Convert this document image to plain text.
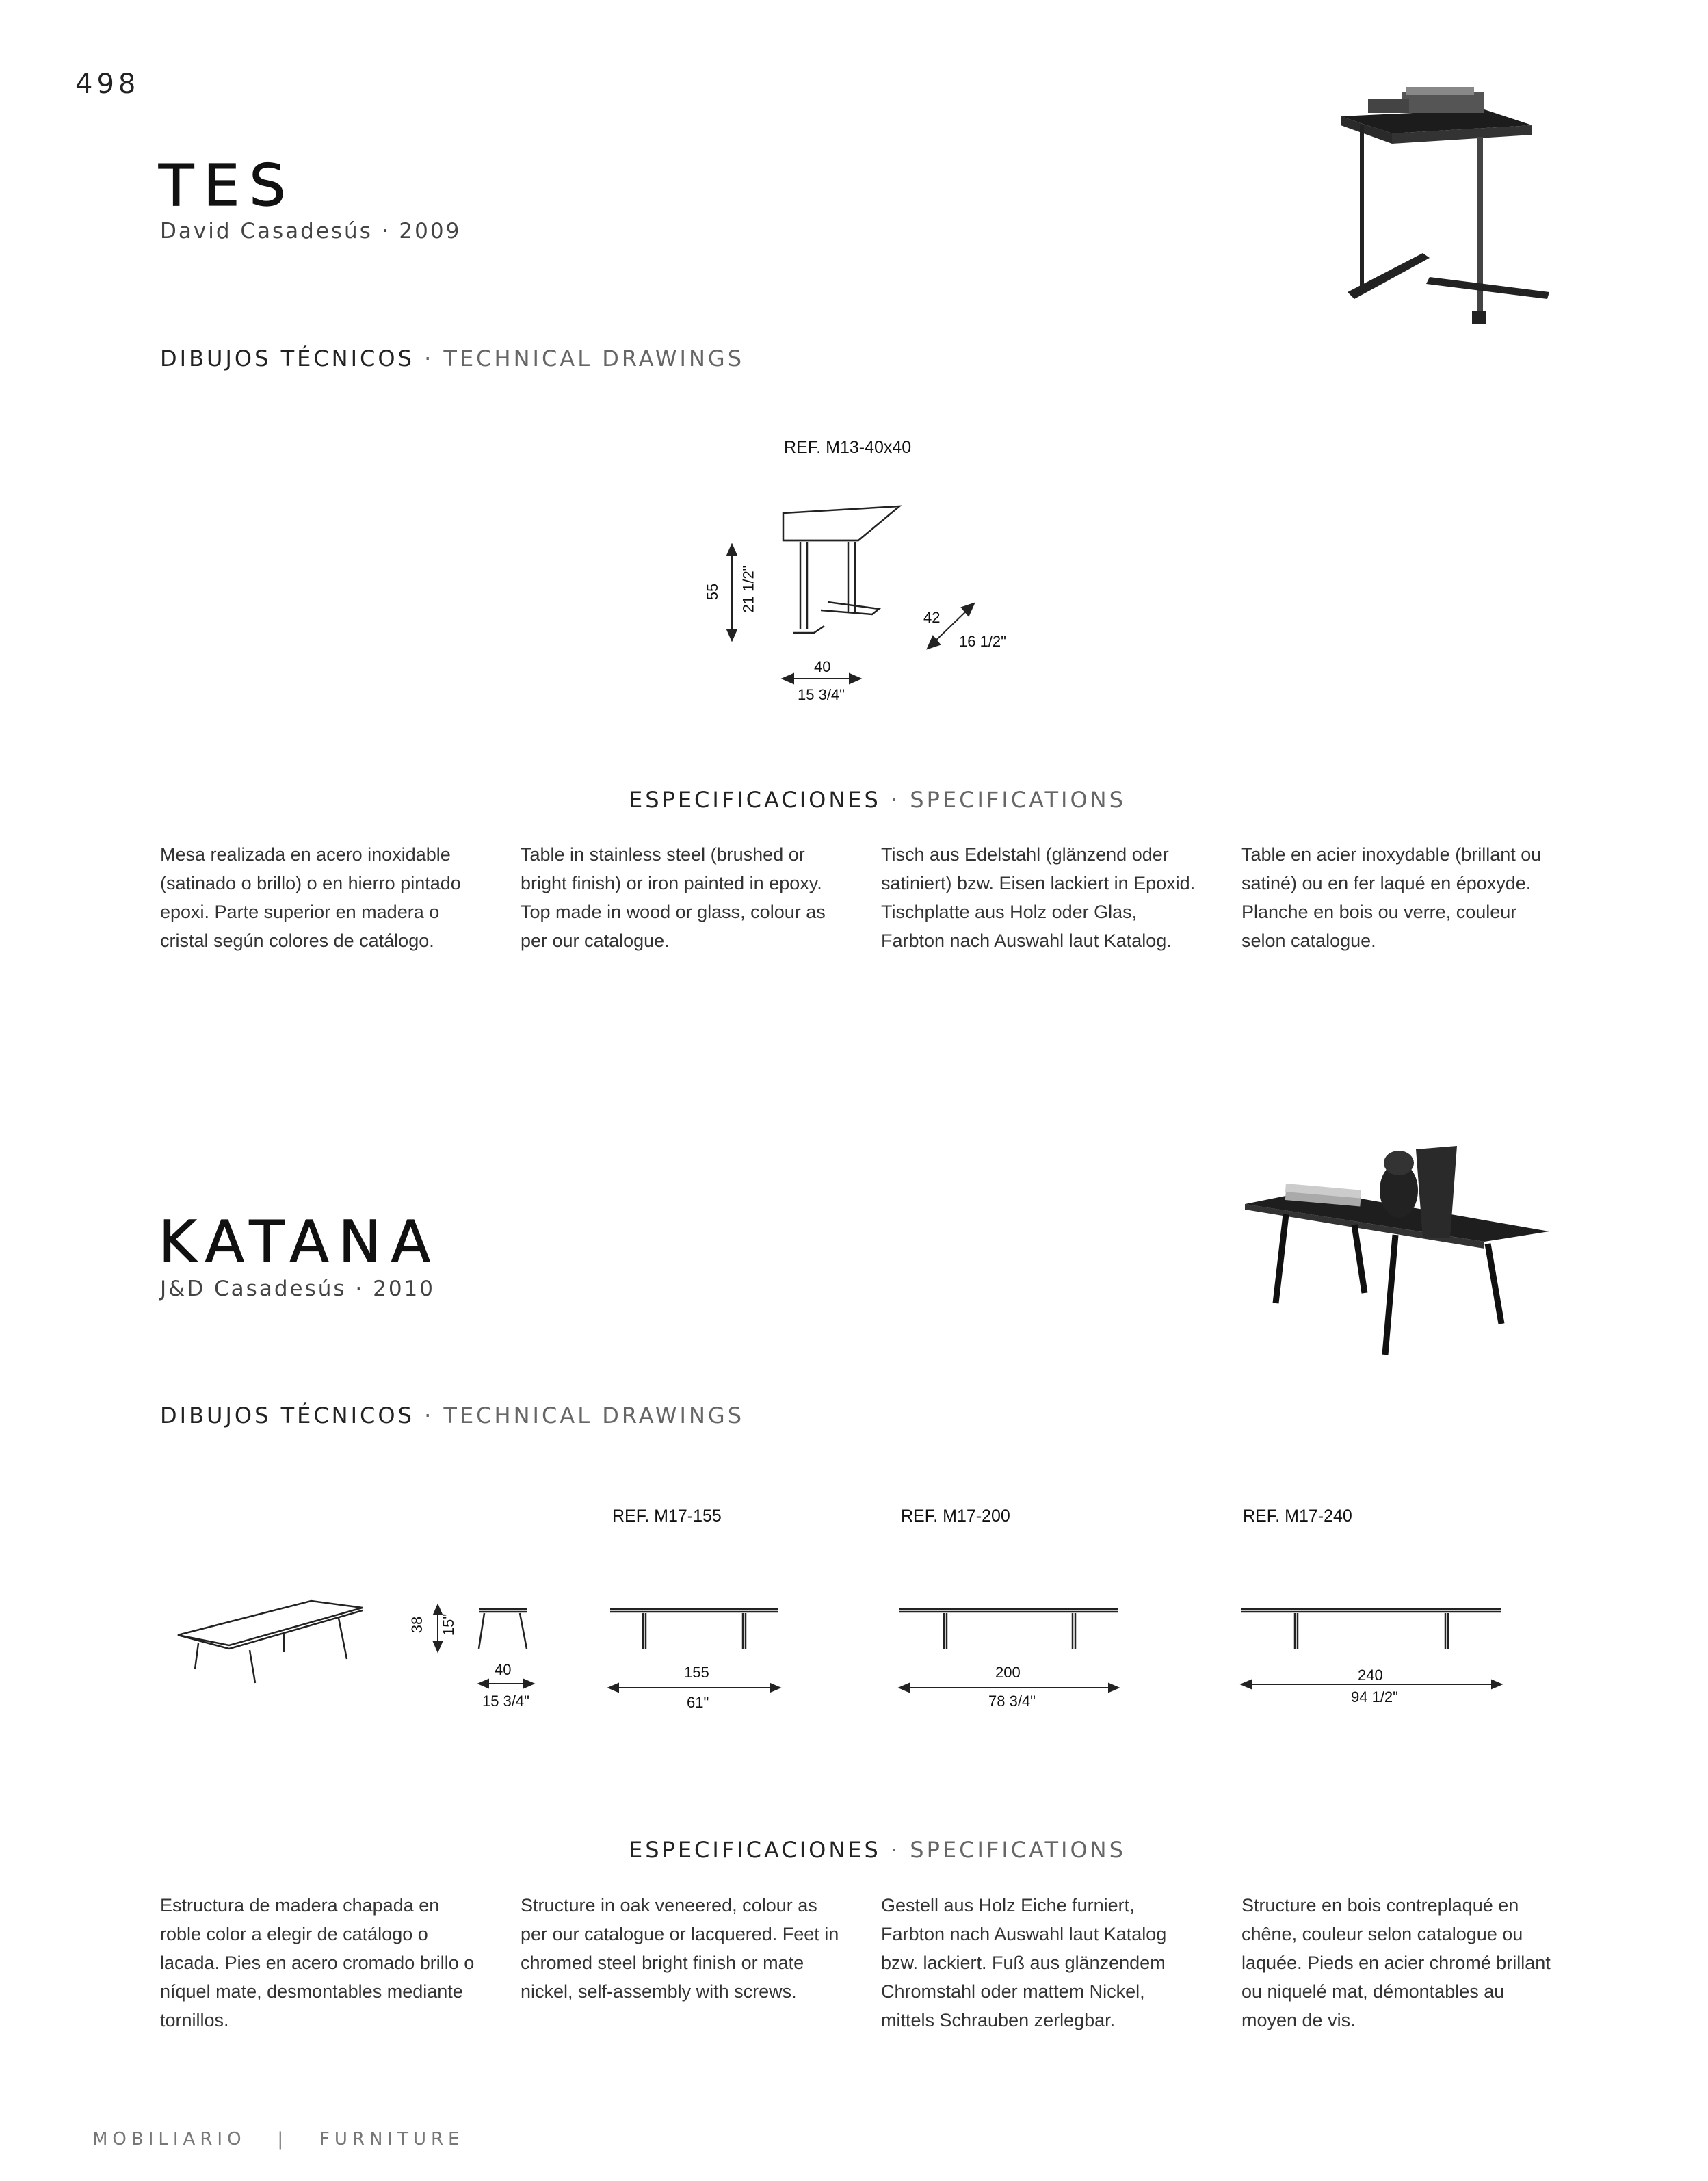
498
TES
David Casadesús · 2009
DIBUJOS TÉCNICOS · TECHNICAL DRAWINGS
REF. M13-40x40
55 21 1/2"
40
15 3/4"
42
16 1/2"
ESPECIFICACIONES · SPECIFICATIONS
Mesa realizada en acero inoxidable (satinado o brillo) o en hierro pintado epoxi. Parte superior en madera o cristal según colores de catálogo.
Table in stainless steel (brushed or bright finish) or iron painted in epoxy. Top made in wood or glass, colour as per our catalogue.
Tisch aus Edelstahl (glänzend oder satiniert) bzw. Eisen lackiert in Epoxid. Tischplatte aus Holz oder Glas, Farbton nach Auswahl laut Katalog.
Table en acier inoxydable (brillant ou satiné) ou en fer laqué en époxyde. Planche en bois ou verre, couleur selon catalogue.
KATANA
J&D Casadesús · 2010
DIBUJOS TÉCNICOS · TECHNICAL DRAWINGS
38 15"
40
15 3/4"
REF. M17-155
155
61"
REF. M17-200
200
78 3/4"
REF. M17-240
240
94 1/2"
ESPECIFICACIONES · SPECIFICATIONS
Estructura de madera chapada en roble color a elegir de catálogo o lacada. Pies en acero cromado brillo o níquel mate, desmontables mediante tornillos.
Structure in oak veneered, colour as per our catalogue or lacquered. Feet in chromed steel bright finish or mate nickel, self-assembly with screws.
Gestell aus Holz Eiche furniert, Farbton nach Auswahl laut Katalog bzw. lackiert. Fuß aus glänzendem Chromstahl oder mattem Nickel, mittels Schrauben zerlegbar.
Structure en bois contreplaqué en chêne, couleur selon catalogue ou laquée. Pieds en acier chromé brillant ou niquelé mat, démontables au moyen de vis.
MOBILIARIO | FURNITURE
